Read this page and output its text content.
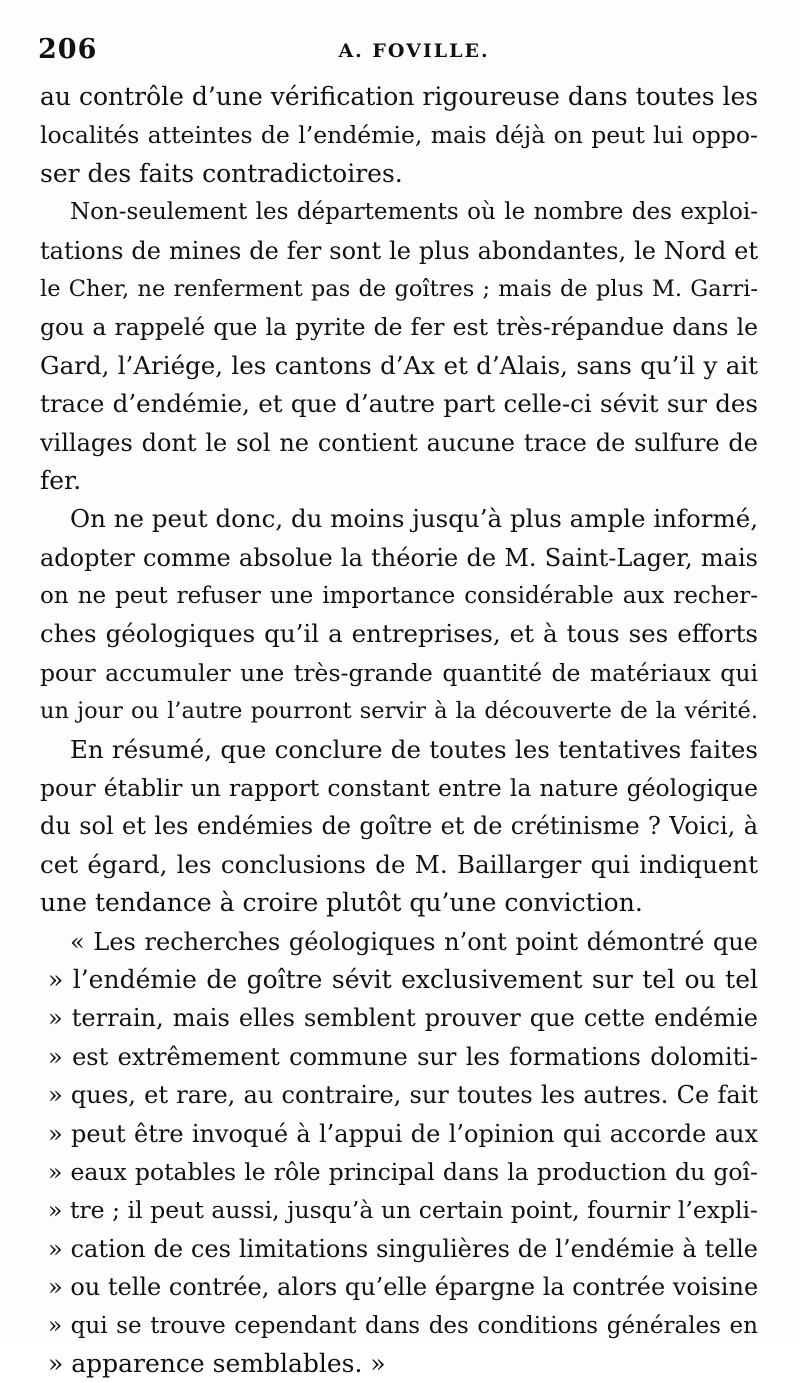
206	A. FOVILLE.
au contrôle d’une vérification rigoureuse dans toutes les
localités atteintes de l’endémie, mais déjà on peut lui oppo-
ser des faits contradictoires.
Non-seulement les départements où le nombre des exploi-
tations de mines de fer sont le plus abondantes, le Nord et
le Cher, ne renferment pas de goîtres ; mais de plus M. Garri-
gou a rappelé que la pyrite de fer est très-répandue dans le
Gard, l’Ariége, les cantons d’Ax et d’Alais, sans qu’il y ait
trace d’endémie, et que d’autre part celle-ci sévit sur des
villages dont le sol ne contient aucune trace de sulfure de
fer.
On ne peut donc, du moins jusqu’à plus ample informé,
adopter comme absolue la théorie de M. Saint-Lager, mais
on ne peut refuser une importance considérable aux recher-
ches géologiques qu’il a entreprises, et à tous ses efforts
pour accumuler une très-grande quantité de matériaux qui
un jour ou l’autre pourront servir à la découverte de la vérité.
En résumé, que conclure de toutes les tentatives faites
pour établir un rapport constant entre la nature géologique
du sol et les endémies de goître et de crétinisme ? Voici, à
cet égard, les conclusions de M. Baillarger qui indiquent
une tendance à croire plutôt qu’une conviction.
« Les recherches géologiques n’ont point démontré que
» l’endémie de goître sévit exclusivement sur tel ou tel
» terrain, mais elles semblent prouver que cette endémie
» est extrêmement commune sur les formations dolomiti-
» ques, et rare, au contraire, sur toutes les autres. Ce fait
» peut être invoqué à l’appui de l’opinion qui accorde aux
» eaux potables le rôle principal dans la production du goî-
» tre ; il peut aussi, jusqu’à un certain point, fournir l’expli-
» cation de ces limitations singulières de l’endémie à telle
» ou telle contrée, alors qu’elle épargne la contrée voisine
» qui se trouve cependant dans des conditions générales en
» apparence semblables. »
